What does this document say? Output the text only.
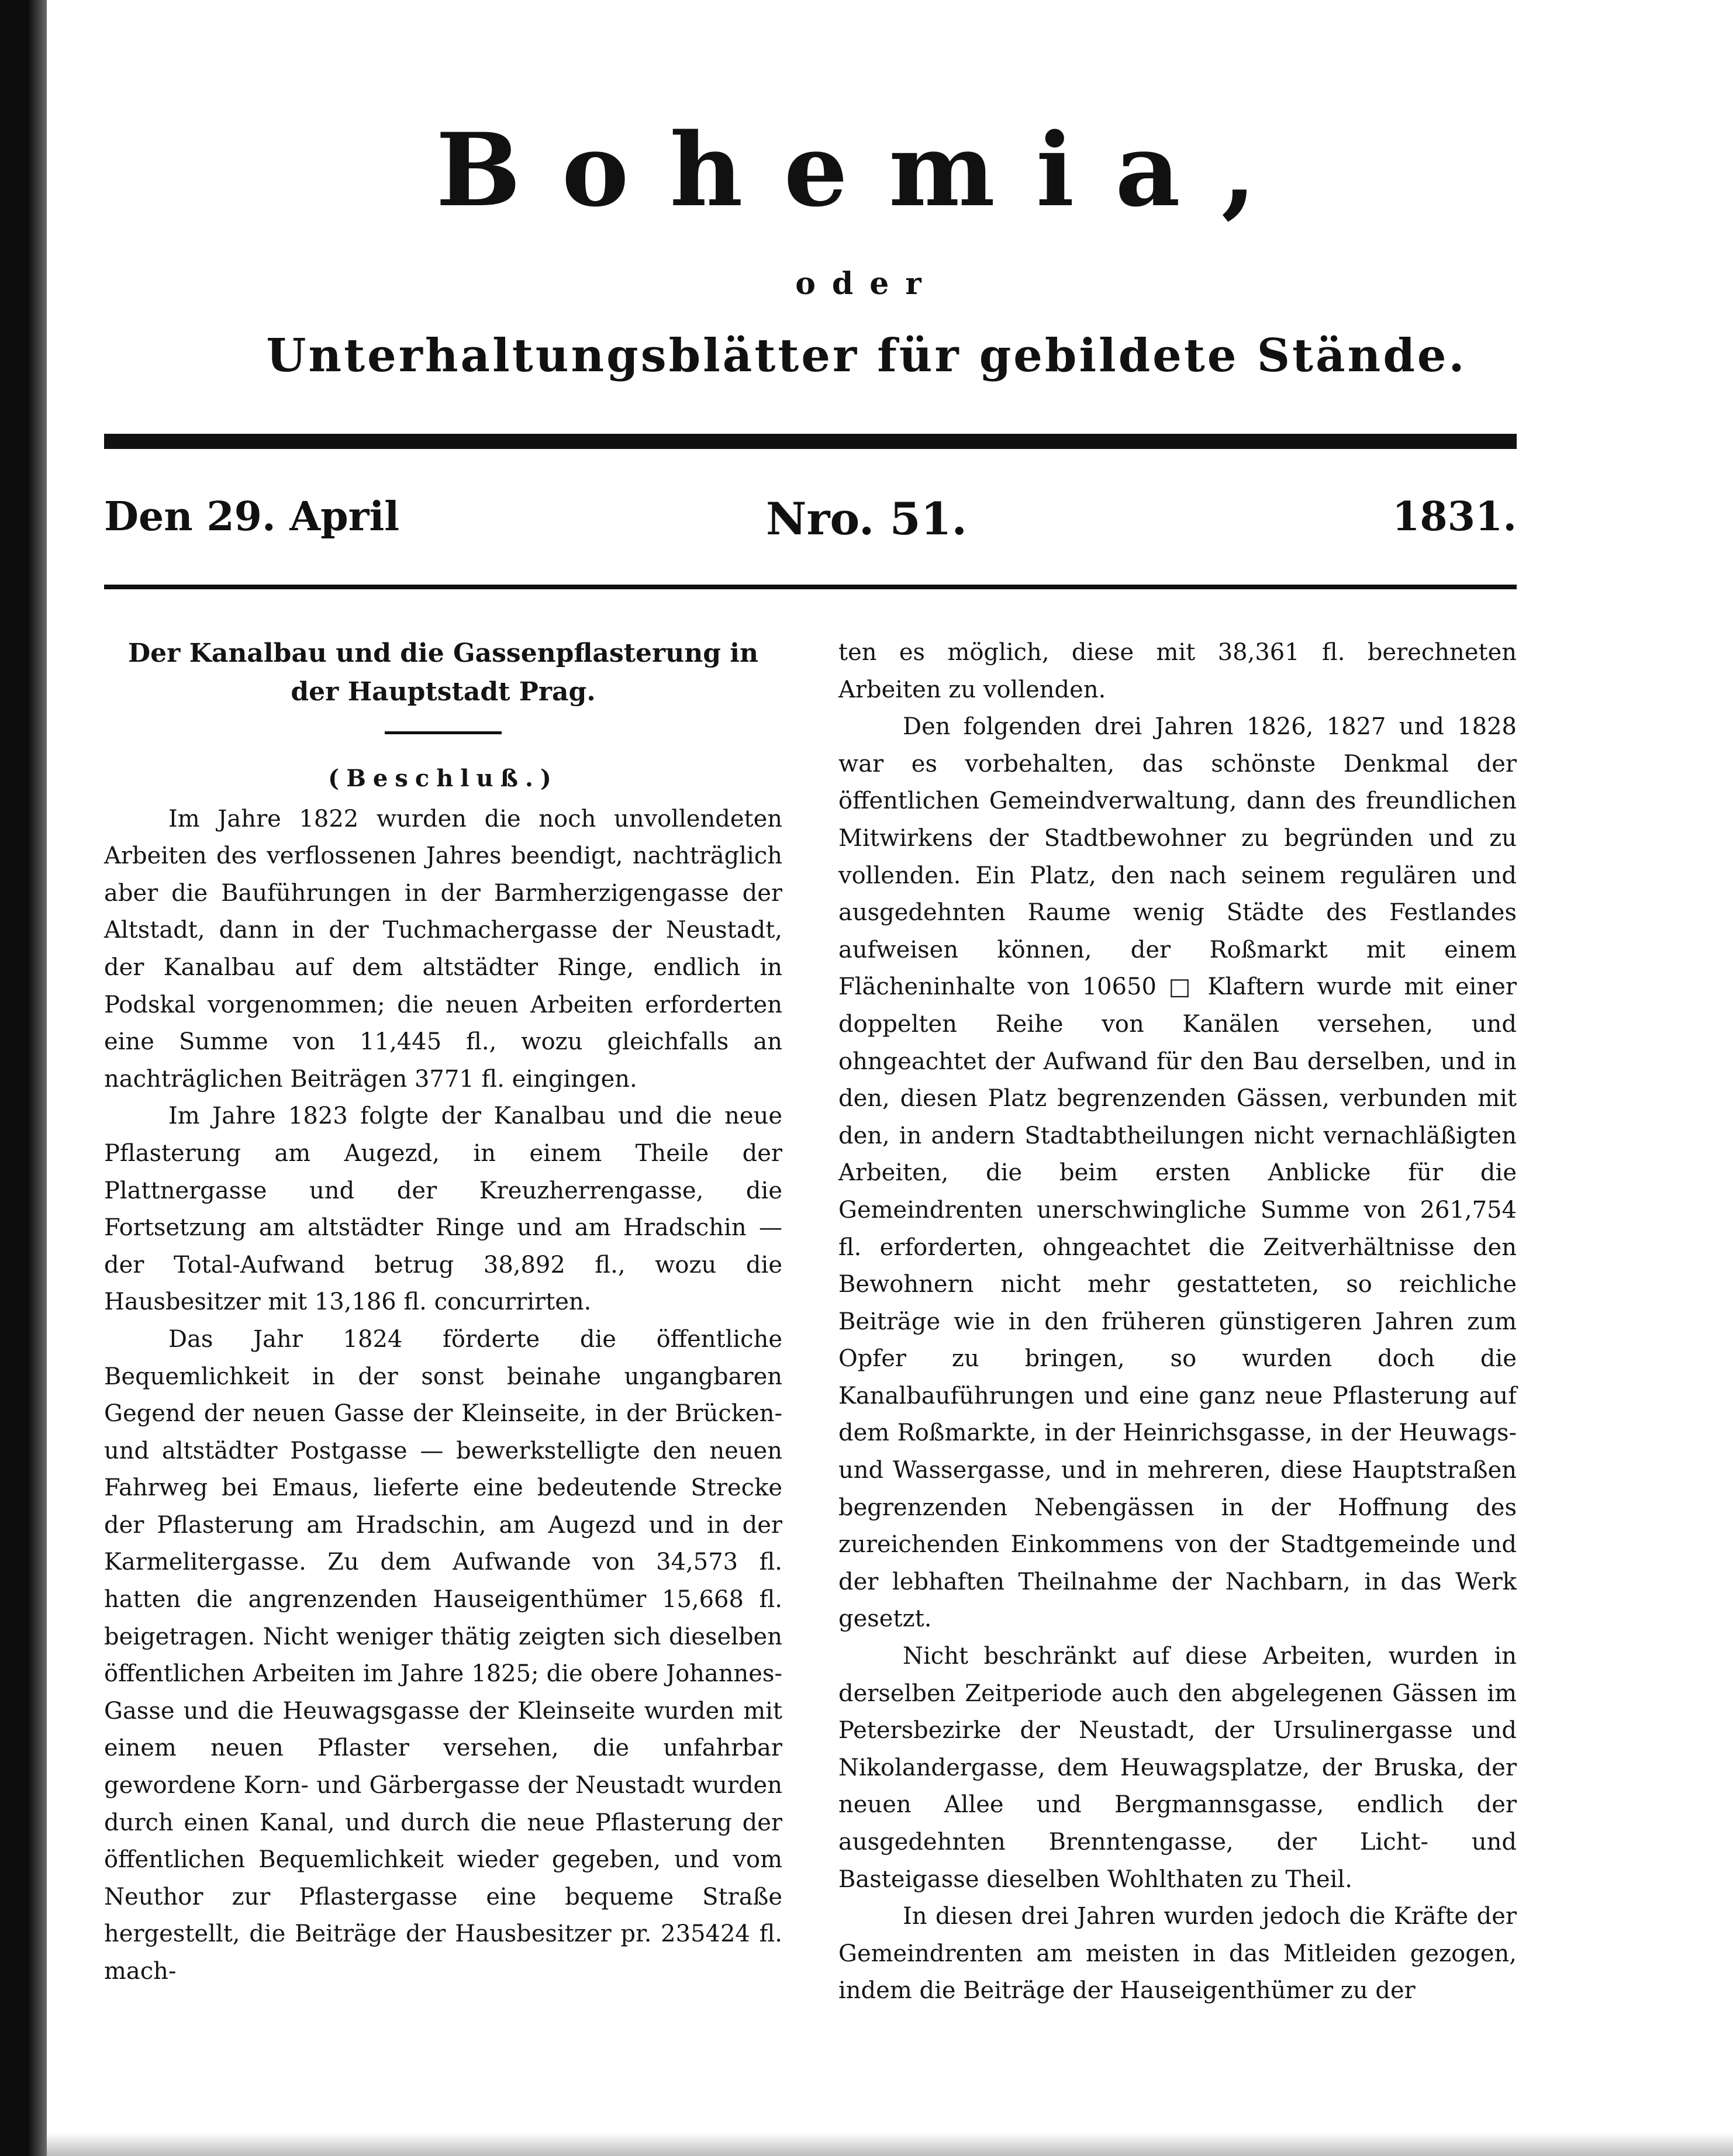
Bohemia,
oder
Unterhaltungsblätter für gebildete Stände.
Den 29. April	Nro. 51.	1831.
Der Kanalbau und die Gassenpflasterung in der Hauptstadt Prag.
(Beschluß.)

Im Jahre 1822 wurden die noch unvollendeten Arbeiten des verflossenen Jahres beendigt, nachträglich aber die Bauführungen in der Barmherzigengasse der Altstadt, dann in der Tuchmachergasse der Neustadt, der Kanalbau auf dem altstädter Ringe, endlich in Podskal vorgenommen; die neuen Arbeiten erforderten eine Summe von 11,445 fl., wozu gleichfalls an nachträglichen Beiträgen 3771 fl. eingingen.

Im Jahre 1823 folgte der Kanalbau und die neue Pflasterung am Augezd, in einem Theile der Plattnergasse und der Kreuzherrengasse, die Fortsetzung am altstädter Ringe und am Hradschin — der Total-Aufwand betrug 38,892 fl., wozu die Hausbesitzer mit 13,186 fl. concurrirten.

Das Jahr 1824 förderte die öffentliche Bequemlichkeit in der sonst beinahe ungangbaren Gegend der neuen Gasse der Kleinseite, in der Brücken- und altstädter Postgasse — bewerkstelligte den neuen Fahrweg bei Emaus, lieferte eine bedeutende Strecke der Pflasterung am Hradschin, am Augezd und in der Karmelitergasse. Zu dem Aufwande von 34,573 fl. hatten die angrenzenden Hauseigenthümer 15,668 fl. beigetragen. Nicht weniger thätig zeigten sich dieselben öffentlichen Arbeiten im Jahre 1825; die obere Johannes-Gasse und die Heuwagsgasse der Kleinseite wurden mit einem neuen Pflaster versehen, die unfahrbar gewordene Korn- und Gärbergasse der Neustadt wurden durch einen Kanal, und durch die neue Pflasterung der öffentlichen Bequemlichkeit wieder gegeben, und vom Neuthor zur Pflastergasse eine bequeme Straße hergestellt, die Beiträge der Hausbesitzer pr. 235424 fl. mach-

ten es möglich, diese mit 38,361 fl. berechneten Arbeiten zu vollenden.

Den folgenden drei Jahren 1826, 1827 und 1828 war es vorbehalten, das schönste Denkmal der öffentlichen Gemeindverwaltung, dann des freundlichen Mitwirkens der Stadtbewohner zu begründen und zu vollenden. Ein Platz, den nach seinem regulären und ausgedehnten Raume wenig Städte des Festlandes aufweisen können, der Roßmarkt mit einem Flächeninhalte von 10650 □ Klaftern wurde mit einer doppelten Reihe von Kanälen versehen, und ohngeachtet der Aufwand für den Bau derselben, und in den, diesen Platz begrenzenden Gässen, verbunden mit den, in andern Stadtabtheilungen nicht vernachläßigten Arbeiten, die beim ersten Anblicke für die Gemeindrenten unerschwingliche Summe von 261,754 fl. erforderten, ohngeachtet die Zeitverhältnisse den Bewohnern nicht mehr gestatteten, so reichliche Beiträge wie in den früheren günstigeren Jahren zum Opfer zu bringen, so wurden doch die Kanalbauführungen und eine ganz neue Pflasterung auf dem Roßmarkte, in der Heinrichsgasse, in der Heuwags- und Wassergasse, und in mehreren, diese Hauptstraßen begrenzenden Nebengässen in der Hoffnung des zureichenden Einkommens von der Stadtgemeinde und der lebhaften Theilnahme der Nachbarn, in das Werk gesetzt.

Nicht beschränkt auf diese Arbeiten, wurden in derselben Zeitperiode auch den abgelegenen Gässen im Petersbezirke der Neustadt, der Ursulinergasse und Nikolandergasse, dem Heuwagsplatze, der Bruska, der neuen Allee und Bergmannsgasse, endlich der ausgedehnten Brenntengasse, der Licht- und Basteigasse dieselben Wohlthaten zu Theil.

In diesen drei Jahren wurden jedoch die Kräfte der Gemeindrenten am meisten in das Mitleiden gezogen, indem die Beiträge der Hauseigenthümer zu der
